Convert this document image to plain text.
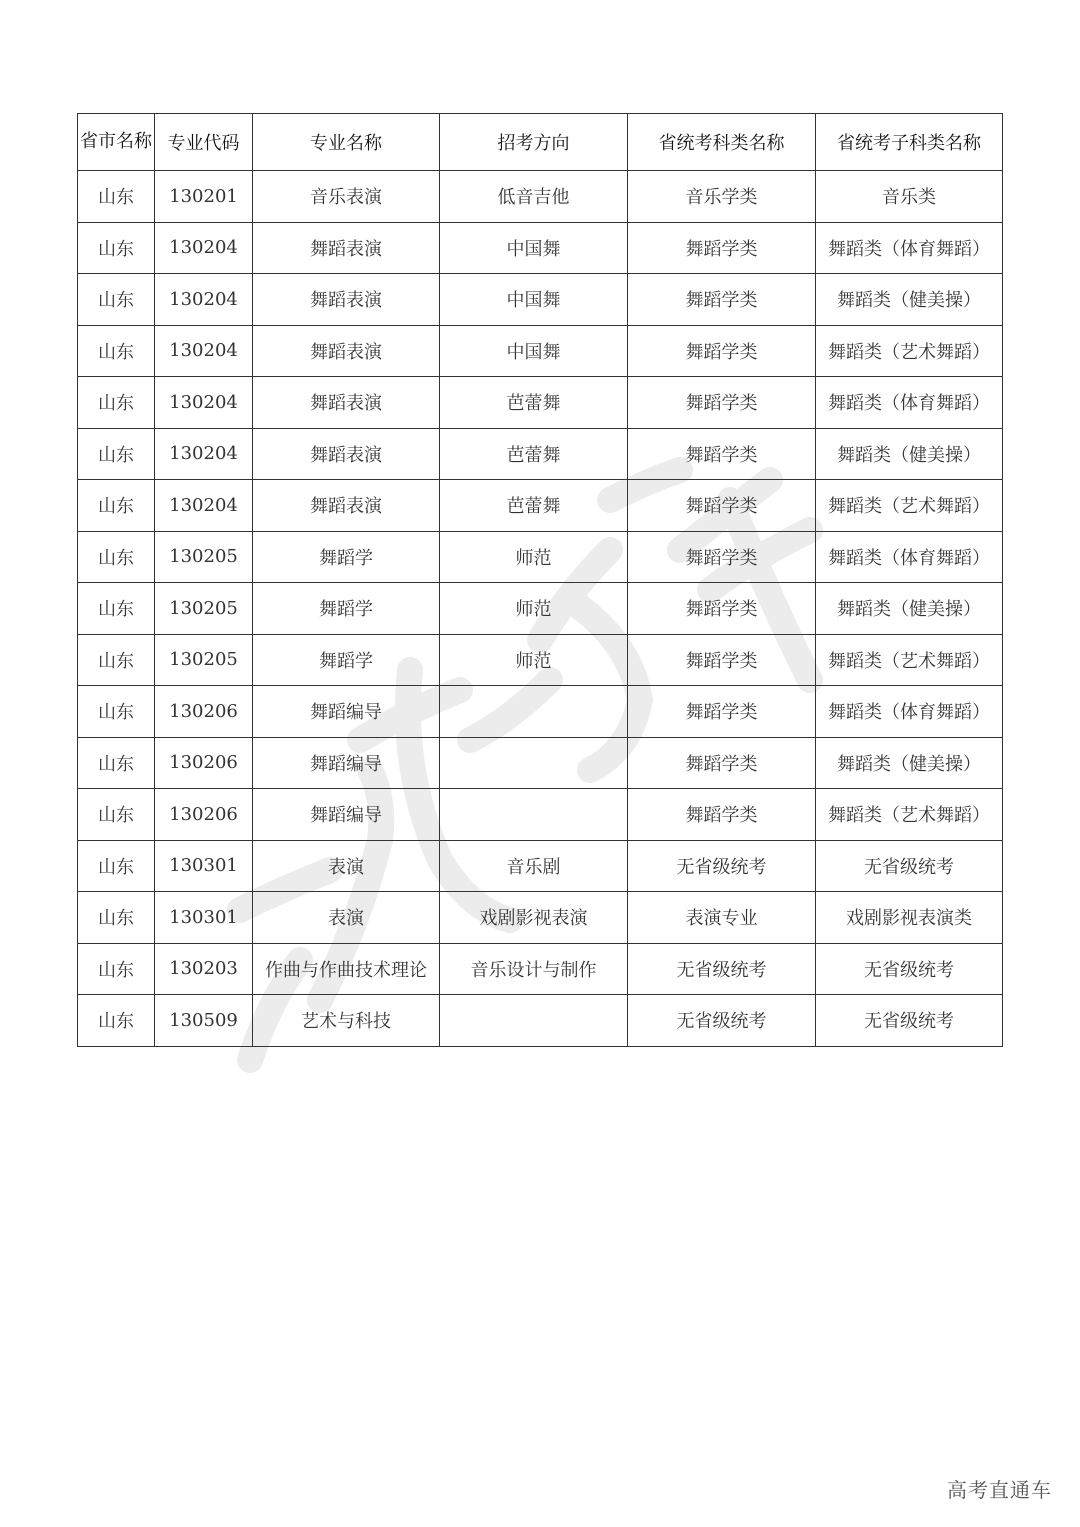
省市名称	专业代码	专业名称	招考方向	省统考科类名称	省统考子科类名称
山东	130201	音乐表演	低音吉他	音乐学类	音乐类
山东	130204	舞蹈表演	中国舞	舞蹈学类	舞蹈类（体育舞蹈）
山东	130204	舞蹈表演	中国舞	舞蹈学类	舞蹈类（健美操）
山东	130204	舞蹈表演	中国舞	舞蹈学类	舞蹈类（艺术舞蹈）
山东	130204	舞蹈表演	芭蕾舞	舞蹈学类	舞蹈类（体育舞蹈）
山东	130204	舞蹈表演	芭蕾舞	舞蹈学类	舞蹈类（健美操）
山东	130204	舞蹈表演	芭蕾舞	舞蹈学类	舞蹈类（艺术舞蹈）
山东	130205	舞蹈学	师范	舞蹈学类	舞蹈类（体育舞蹈）
山东	130205	舞蹈学	师范	舞蹈学类	舞蹈类（健美操）
山东	130205	舞蹈学	师范	舞蹈学类	舞蹈类（艺术舞蹈）
山东	130206	舞蹈编导		舞蹈学类	舞蹈类（体育舞蹈）
山东	130206	舞蹈编导		舞蹈学类	舞蹈类（健美操）
山东	130206	舞蹈编导		舞蹈学类	舞蹈类（艺术舞蹈）
山东	130301	表演	音乐剧	无省级统考	无省级统考
山东	130301	表演	戏剧影视表演	表演专业	戏剧影视表演类
山东	130203	作曲与作曲技术理论	音乐设计与制作	无省级统考	无省级统考
山东	130509	艺术与科技		无省级统考	无省级统考
高考直通车
